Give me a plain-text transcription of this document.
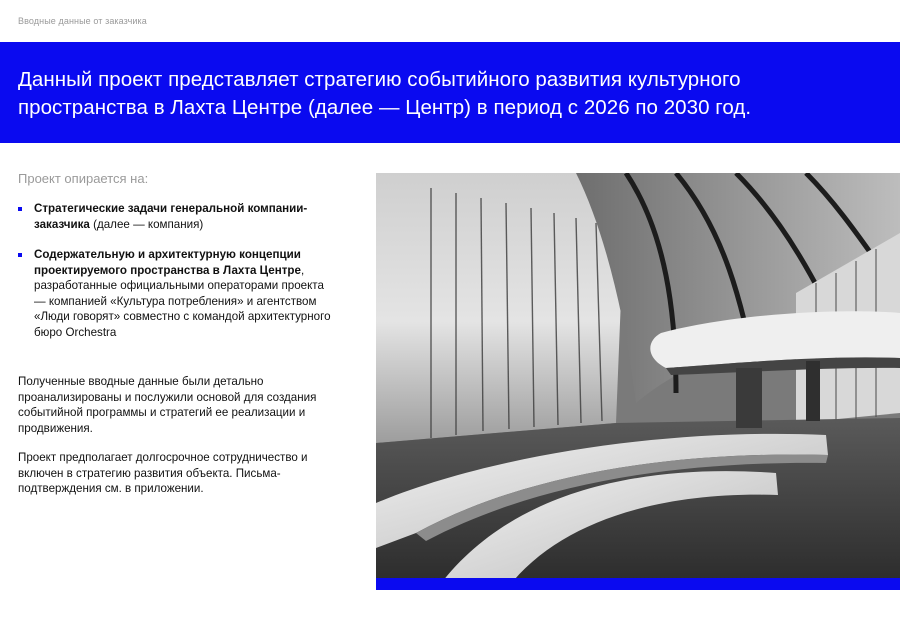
Вводные данные от заказчика
Данный проект представляет стратегию событийного развития культурного
пространства в Лахта Центре (далее — Центр) в период с 2026 по 2030 год.
Проект опирается на:
Стратегические задачи генеральной компании-заказчика (далее — компания)
Содержательную и архитектурную концепции проектируемого пространства в Лахта Центре, разработанные официальными операторами проекта — компанией «Культура потребления» и агентством «Люди говорят» совместно с командой архитектурного бюро Orchestra

Полученные вводные данные были детально проанализированы и послужили основой для создания событийной программы и стратегий ее реализации и продвижения.

Проект предполагает долгосрочное сотрудничество и включен в стратегию развития объекта. Письма-подтверждения см. в приложении.
